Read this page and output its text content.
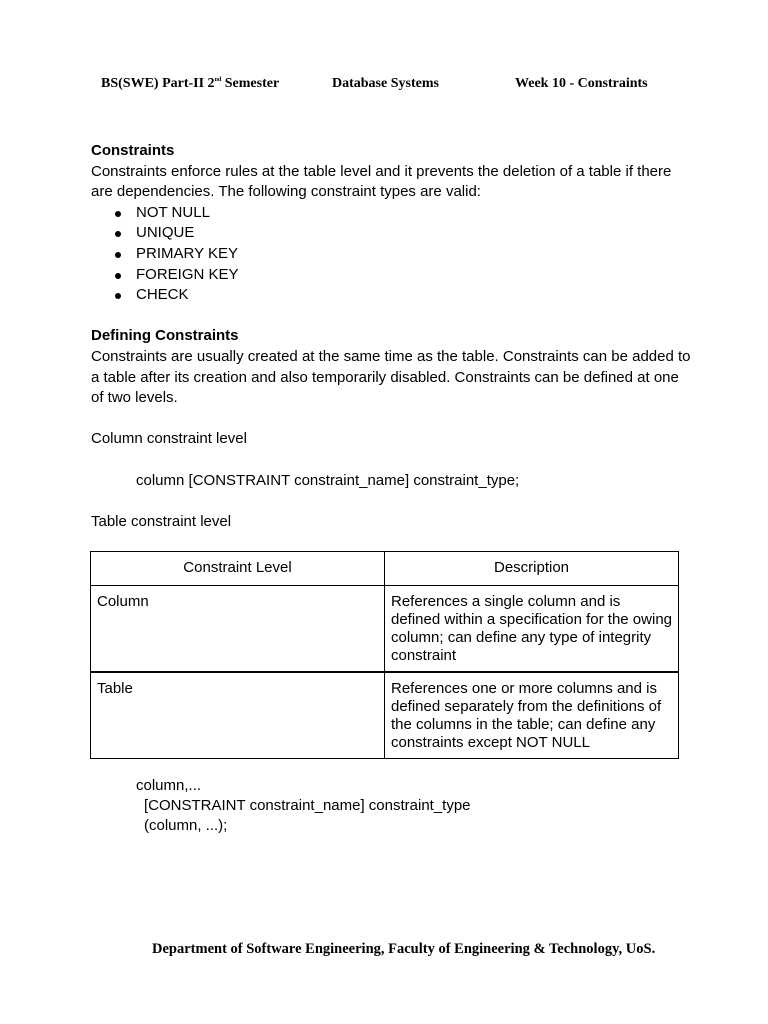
BS(SWE) Part-II 2nd Semester	Database Systems	Week 10 - Constraints

Constraints

Constraints enforce rules at the table level and it prevents the deletion of a table if there are dependencies. The following constraint types are valid:

NOT NULL
UNIQUE
PRIMARY KEY
FOREIGN KEY
CHECK

Defining Constraints

Constraints are usually created at the same time as the table. Constraints can be added to a table after its creation and also temporarily disabled. Constraints can be defined at one of two levels.

Column constraint level

column [CONSTRAINT constraint_name] constraint_type;

Table constraint level

Constraint Level	Description
Column	References a single column and is defined within a specification for the owing column; can define any type of integrity constraint
Table	References one or more columns and is defined separately from the definitions of the columns in the table; can define any constraints except NOT NULL
column,...
[CONSTRAINT constraint_name] constraint_type
(column, ...);
Department of Software Engineering, Faculty of Engineering & Technology, UoS.
